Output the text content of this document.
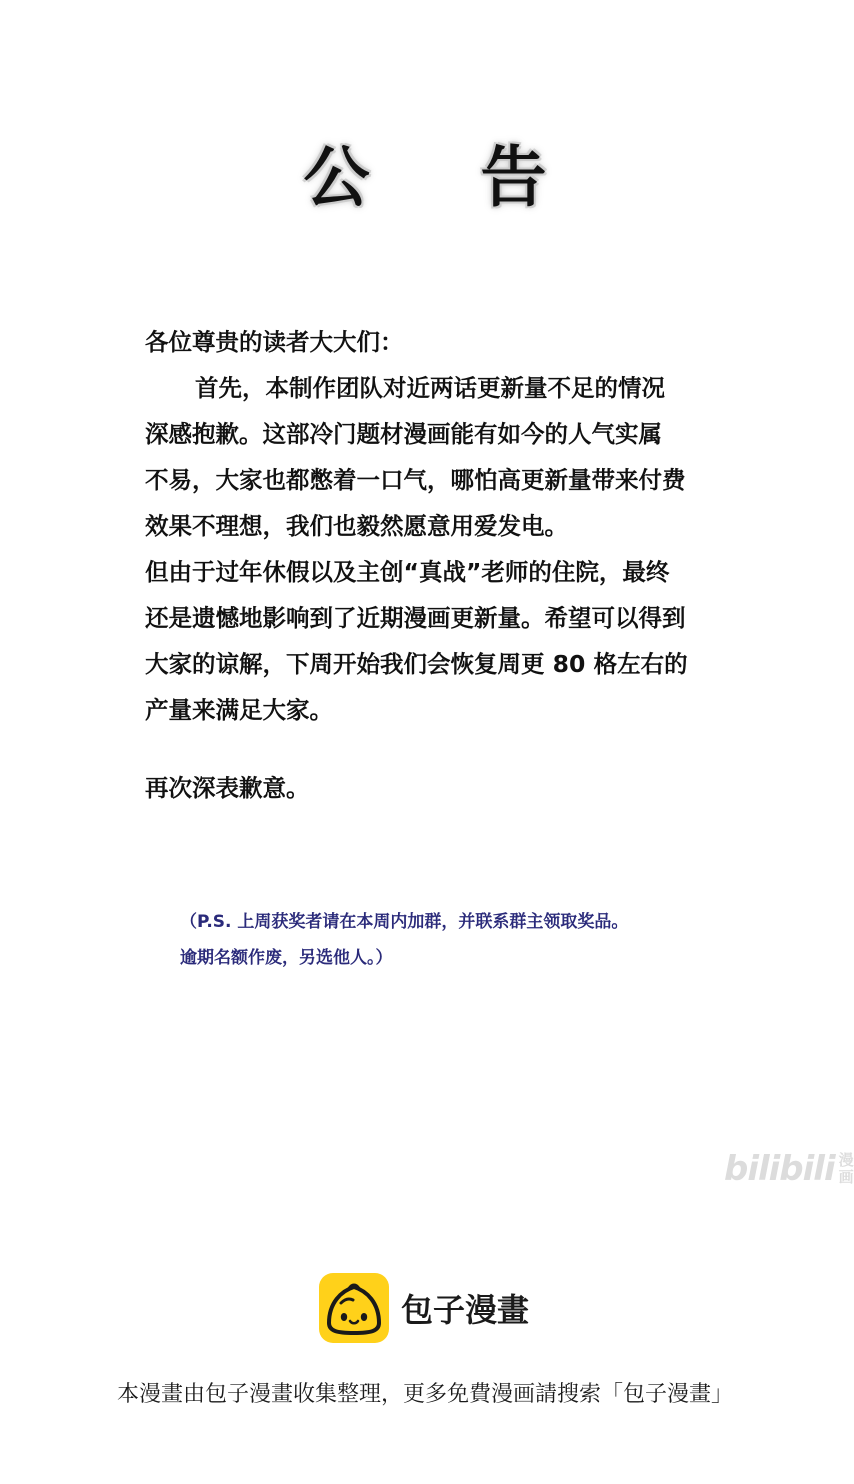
公 告
各位尊贵的读者大大们：
首先，本制作团队对近两话更新量不足的情况
深感抱歉。这部冷门题材漫画能有如今的人气实属
不易，大家也都憋着一口气，哪怕高更新量带来付费
效果不理想，我们也毅然愿意用爱发电。
但由于过年休假以及主创“真战”老师的住院，最终
还是遗憾地影响到了近期漫画更新量。希望可以得到
大家的谅解，下周开始我们会恢复周更 80 格左右的
产量来满足大家。
再次深表歉意。
（P.S. 上周获奖者请在本周内加群，并联系群主领取奖品。
逾期名额作废，另选他人。）
bilibili 漫画
包子漫畫
本漫畫由包子漫畫收集整理，更多免費漫画請搜索「包子漫畫」
